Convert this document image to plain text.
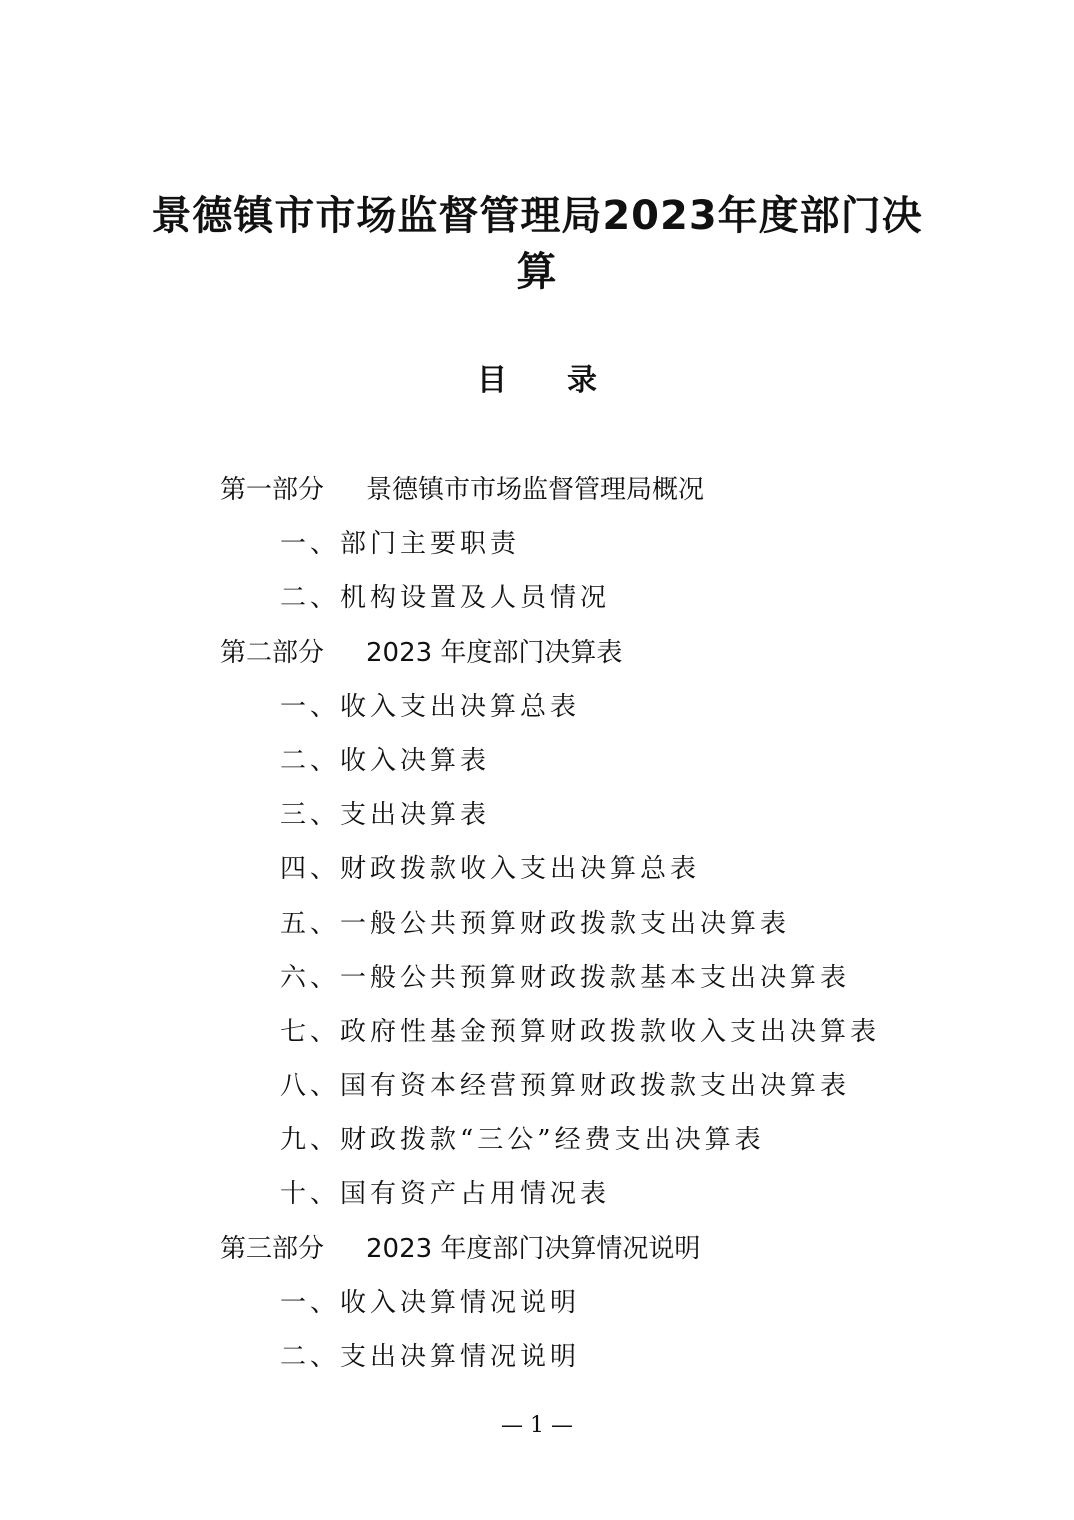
景德镇市市场监督管理局2023年度部门决
算
目 录
第一部分 景德镇市市场监督管理局概况
一、部门主要职责
二、机构设置及人员情况
第二部分 2023 年度部门决算表
一、收入支出决算总表
二、收入决算表
三、支出决算表
四、财政拨款收入支出决算总表
五、一般公共预算财政拨款支出决算表
六、一般公共预算财政拨款基本支出决算表
七、政府性基金预算财政拨款收入支出决算表
八、国有资本经营预算财政拨款支出决算表
九、财政拨款“三公”经费支出决算表
十、国有资产占用情况表
第三部分 2023 年度部门决算情况说明
一、收入决算情况说明
二、支出决算情况说明

— 1 —
